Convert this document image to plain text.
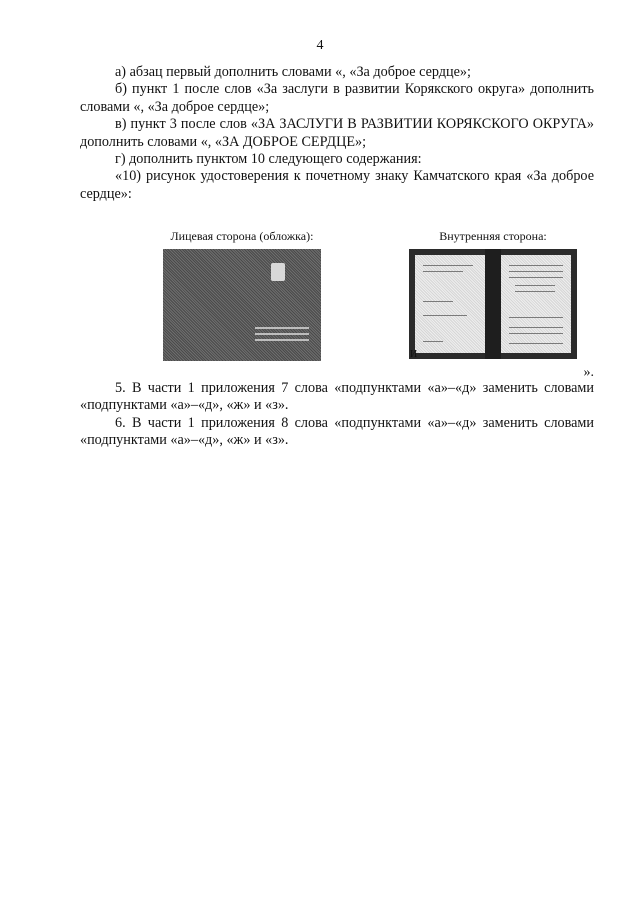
4

а) абзац первый дополнить словами «, «За доброе сердце»;

б) пункт 1 после слов «За заслуги в развитии Корякского округа» дополнить словами «, «За доброе сердце»;

в) пункт 3 после слов «ЗА ЗАСЛУГИ В РАЗВИТИИ КОРЯКСКОГО ОКРУГА» дополнить словами «, «ЗА ДОБРОЕ СЕРДЦЕ»;

г) дополнить пунктом 10 следующего содержания:

«10) рисунок удостоверения к почетному знаку Камчатского края «За доброе сердце»:

Лицевая сторона (обложка):	Внутренняя сторона:
И
».

5. В части 1 приложения 7 слова «подпунктами «а»–«д» заменить словами «подпунктами «а»–«д», «ж» и «з».

6. В части 1 приложения 8 слова «подпунктами «а»–«д» заменить словами «подпунктами «а»–«д», «ж» и «з».
